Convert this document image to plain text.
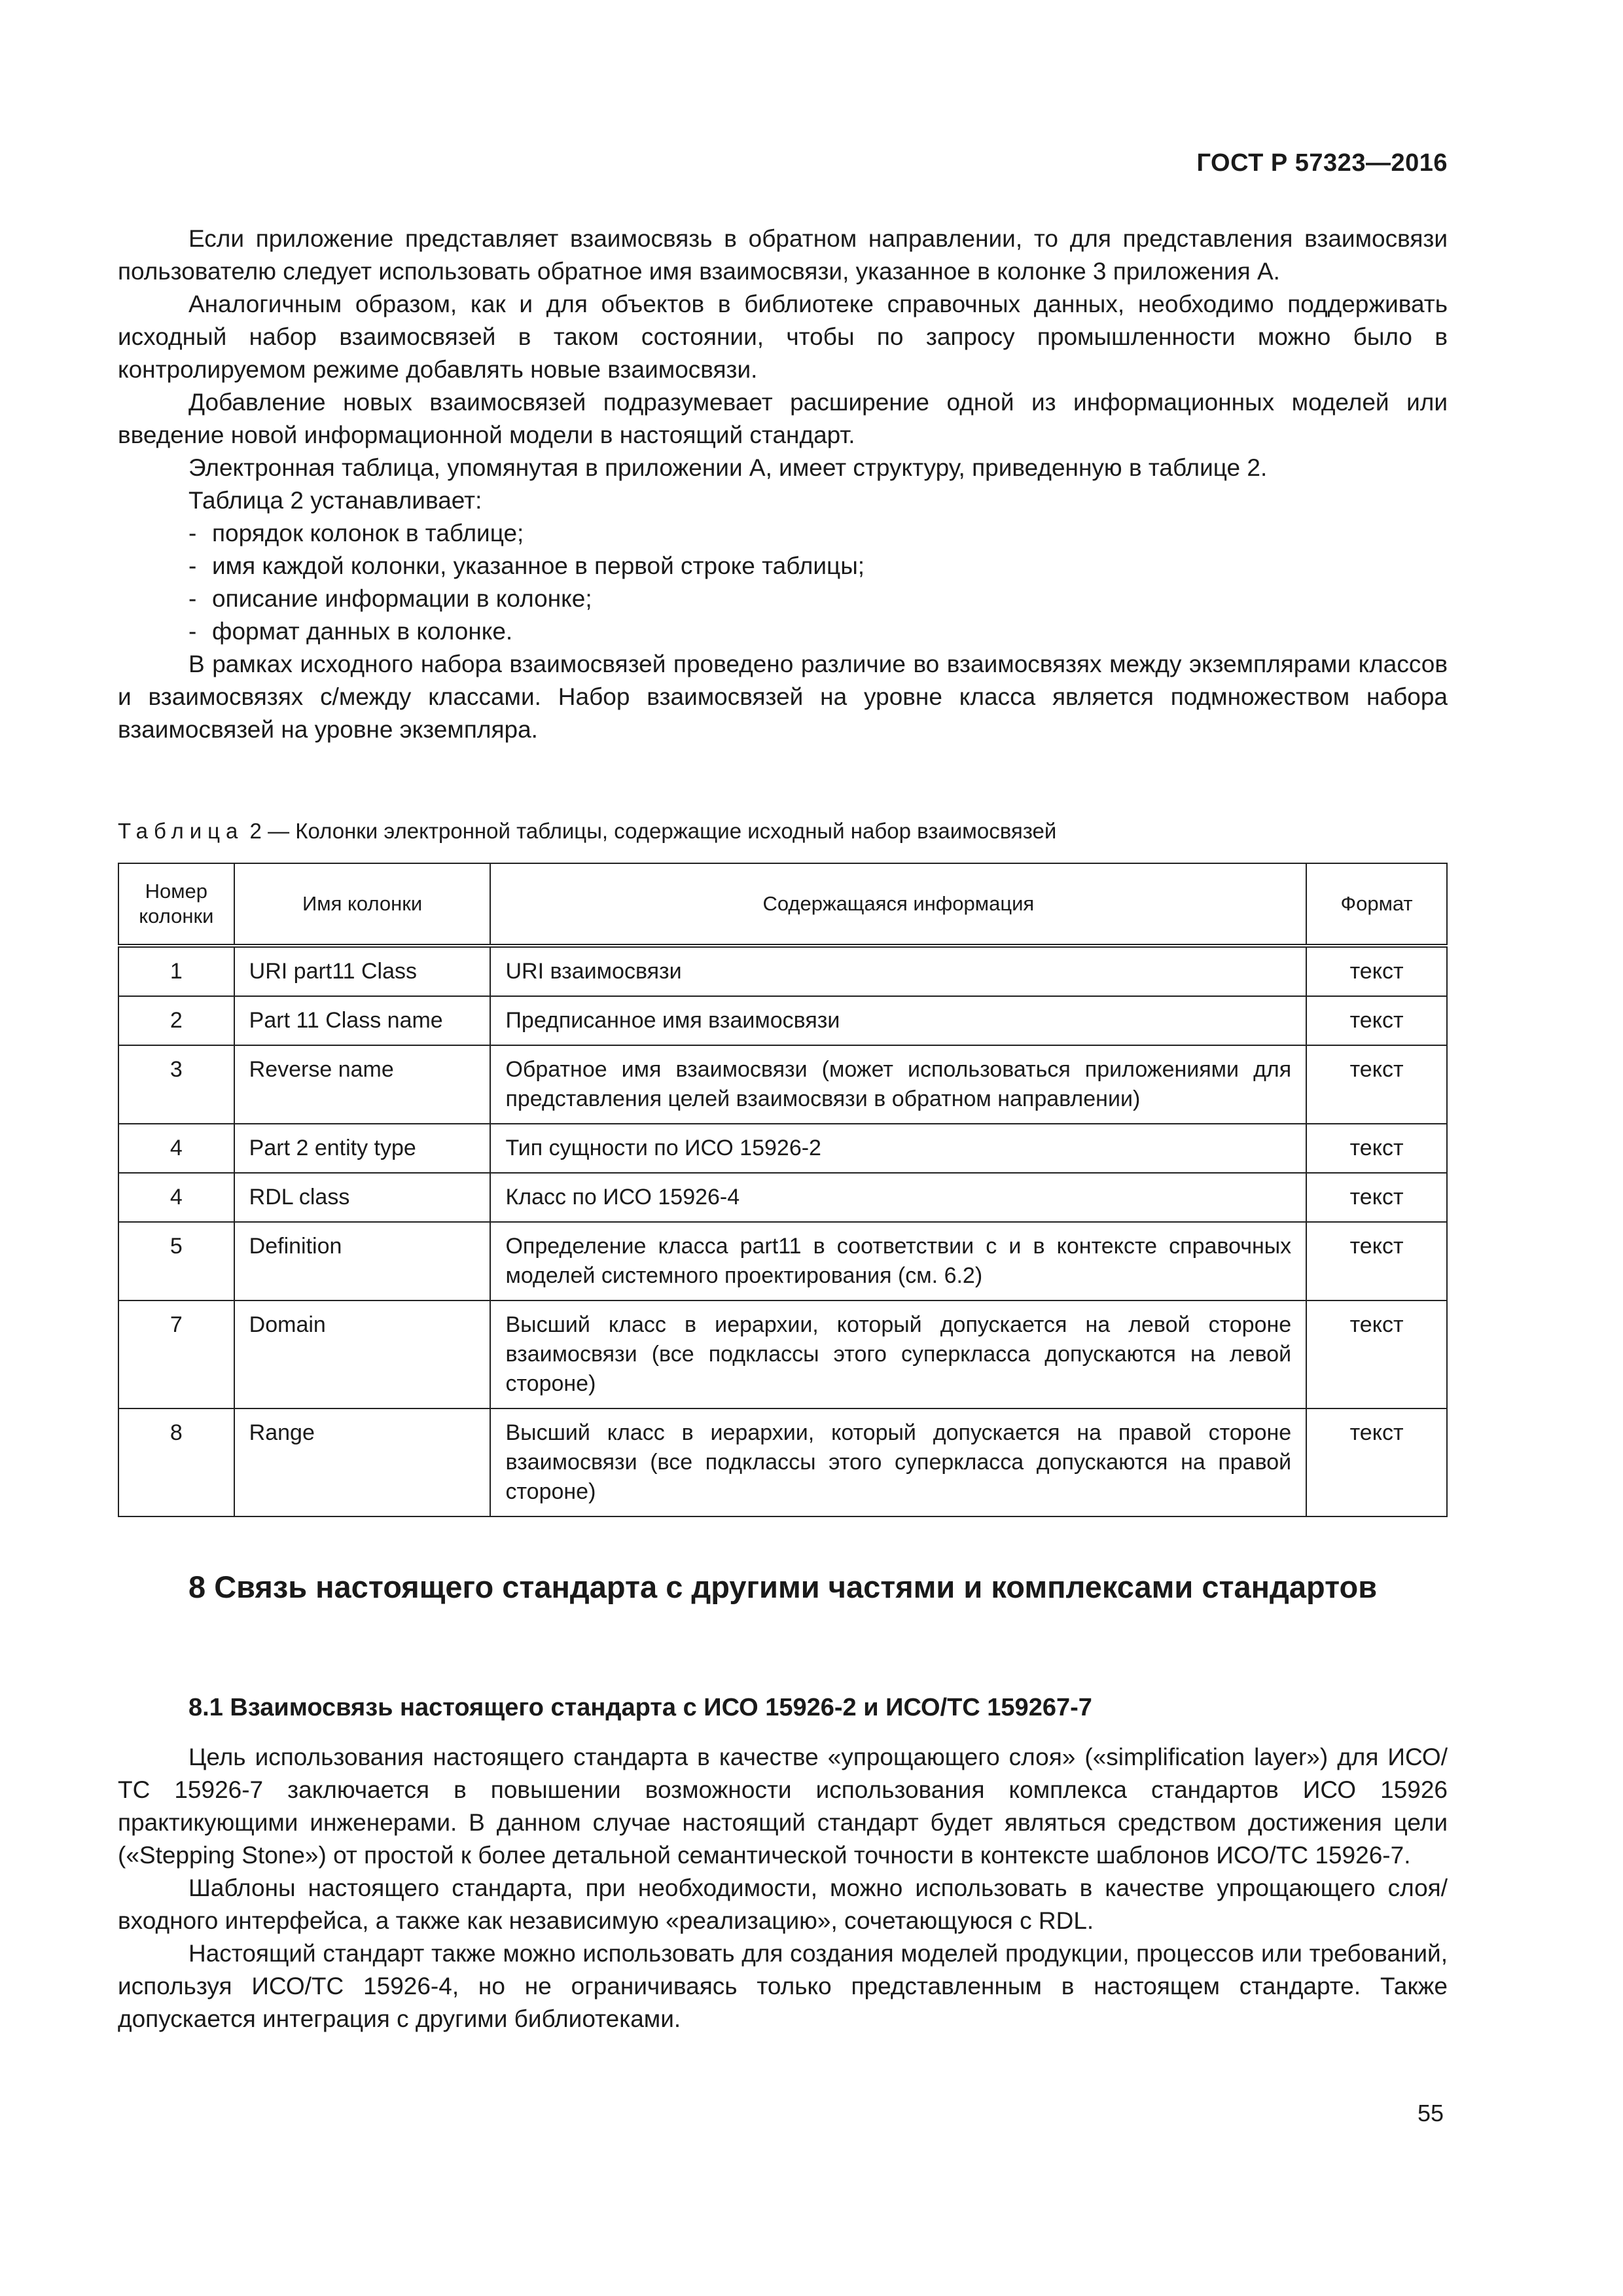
ГОСТ Р 57323—2016

Если приложение представляет взаимосвязь в обратном направлении, то для представления взаимосвязи пользователю следует использовать обратное имя взаимосвязи, указанное в колонке 3 приложения А.

Аналогичным образом, как и для объектов в библиотеке справочных данных, необходимо поддерживать исходный набор взаимосвязей в таком состоянии, чтобы по запросу промышленности можно было в контролируемом режиме добавлять новые взаимосвязи.

Добавление новых взаимосвязей подразумевает расширение одной из информационных моделей или введение новой информационной модели в настоящий стандарт.

Электронная таблица, упомянутая в приложении А, имеет структуру, приведенную в таблице 2.

Таблица 2 устанавливает:

- порядок колонок в таблице;
- имя каждой колонки, указанное в первой строке таблицы;
- описание информации в колонке;
- формат данных в колонке.

В рамках исходного набора взаимосвязей проведено различие во взаимосвязях между экземплярами классов и взаимосвязях с/между классами. Набор взаимосвязей на уровне класса является подмножеством набора взаимосвязей на уровне экземпляра.

Таблица 2 — Колонки электронной таблицы, содержащие исходный набор взаимосвязей
Номер колонки	Имя колонки	Содержащаяся информация	Формат
1	URI part11 Class	URI взаимосвязи	текст
2	Part 11 Class name	Предписанное имя взаимосвязи	текст
3	Reverse name	Обратное имя взаимосвязи (может использоваться приложениями для представления целей взаимосвязи в обратном направлении)	текст
4	Part 2 entity type	Тип сущности по ИСО 15926-2	текст
4	RDL class	Класс по ИСО 15926-4	текст
5	Definition	Определение класса part11 в соответствии с и в контексте справочных моделей системного проектирования (см. 6.2)	текст
7	Domain	Высший класс в иерархии, который допускается на левой стороне взаимосвязи (все подклассы этого суперкласса допускаются на левой стороне)	текст
8	Range	Высший класс в иерархии, который допускается на правой стороне взаимосвязи (все подклассы этого суперкласса допускаются на правой стороне)	текст
8 Связь настоящего стандарта с другими частями и комплексами стандартов
8.1 Взаимосвязь настоящего стандарта с ИСО 15926-2 и ИСО/ТС 159267-7

Цель использования настоящего стандарта в качестве «упрощающего слоя» («simplification layer») для ИСО/ТС 15926-7 заключается в повышении возможности использования комплекса стандартов ИСО 15926 практикующими инженерами. В данном случае настоящий стандарт будет являться средством достижения цели («Stepping Stone») от простой к более детальной семантической точности в контексте шаблонов ИСО/ТС 15926-7.

Шаблоны настоящего стандарта, при необходимости, можно использовать в качестве упрощающего слоя/входного интерфейса, а также как независимую «реализацию», сочетающуюся с RDL.

Настоящий стандарт также можно использовать для создания моделей продукции, процессов или требований, используя ИСО/ТС 15926-4, но не ограничиваясь только представленным в настоящем стандарте. Также допускается интеграция с другими библиотеками.

55
